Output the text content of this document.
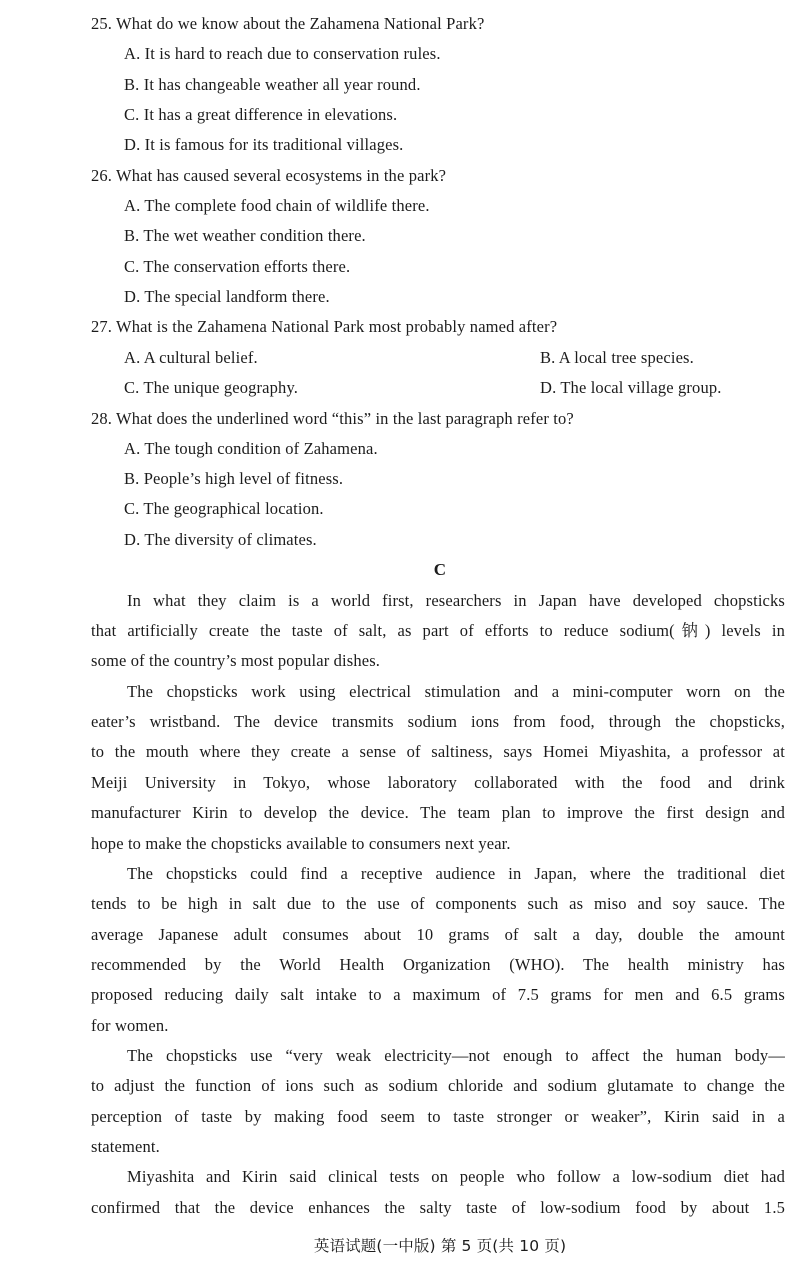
25. What do we know about the Zahamena National Park?
A. It is hard to reach due to conservation rules.
B. It has changeable weather all year round.
C. It has a great difference in elevations.
D. It is famous for its traditional villages.
26. What has caused several ecosystems in the park?
A. The complete food chain of wildlife there.
B. The wet weather condition there.
C. The conservation efforts there.
D. The special landform there.
27. What is the Zahamena National Park most probably named after?
A. A cultural belief.	B. A local tree species.
C. The unique geography.	D. The local village group.
28. What does the underlined word “this” in the last paragraph refer to?
A. The tough condition of Zahamena.
B. People’s high level of fitness.
C. The geographical location.
D. The diversity of climates.
C
In what they claim is a world first, researchers in Japan have developed chopsticks
that artificially create the taste of salt, as part of efforts to reduce sodium(钠) levels in
some of the country’s most popular dishes.
The chopsticks work using electrical stimulation and a mini-computer worn on the
eater’s wristband. The device transmits sodium ions from food, through the chopsticks,
to the mouth where they create a sense of saltiness, says Homei Miyashita, a professor at
Meiji University in Tokyo, whose laboratory collaborated with the food and drink
manufacturer Kirin to develop the device. The team plan to improve the first design and
hope to make the chopsticks available to consumers next year.
The chopsticks could find a receptive audience in Japan, where the traditional diet
tends to be high in salt due to the use of components such as miso and soy sauce. The
average Japanese adult consumes about 10 grams of salt a day, double the amount
recommended by the World Health Organization (WHO). The health ministry has
proposed reducing daily salt intake to a maximum of 7.5 grams for men and 6.5 grams
for women.
The chopsticks use “very weak electricity—not enough to affect the human body—
to adjust the function of ions such as sodium chloride and sodium glutamate to change the
perception of taste by making food seem to taste stronger or weaker”, Kirin said in a
statement.
Miyashita and Kirin said clinical tests on people who follow a low-sodium diet had
confirmed that the device enhances the salty taste of low-sodium food by about 1.5
英语试题(一中版) 第 5 页(共 10 页)
